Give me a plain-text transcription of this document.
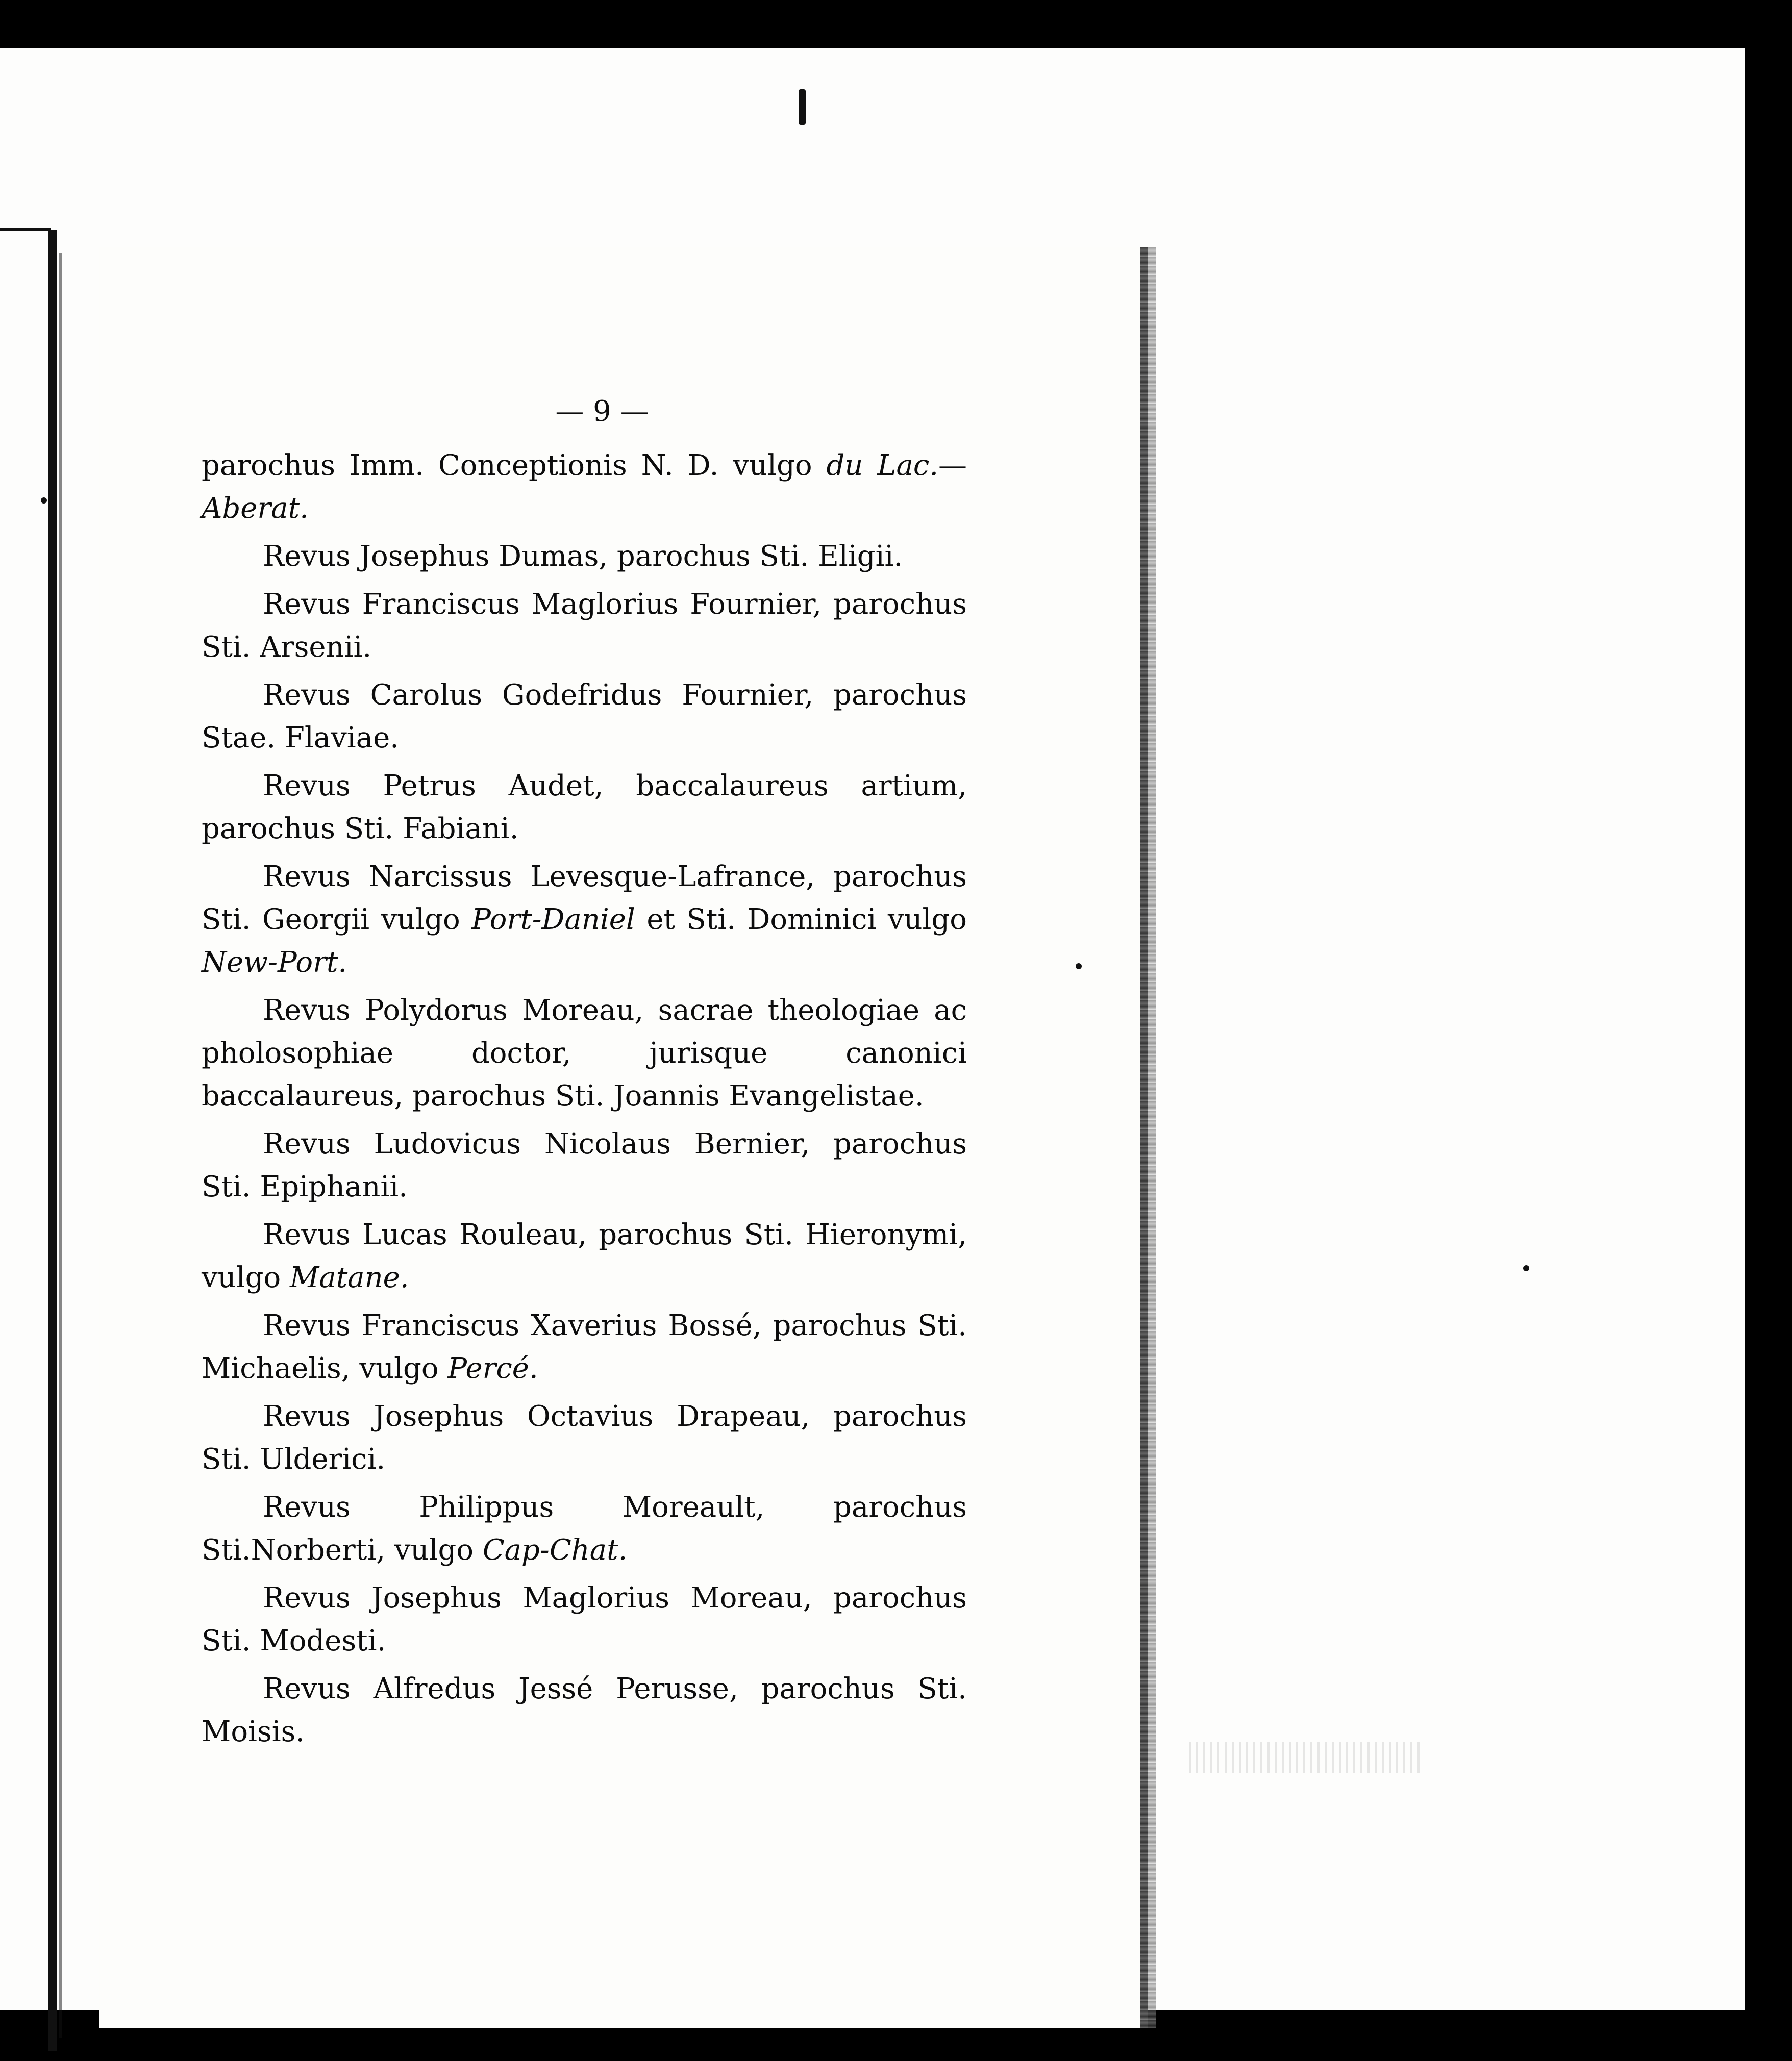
— 9 —
parochus Imm. Conceptionis N. D. vulgo du Lac.— Aberat.
Revus Josephus Dumas, parochus Sti. Eligii.
Revus Franciscus Maglorius Fournier, parochus Sti. Arsenii.
Revus Carolus Godefridus Fournier, parochus Stae. Flaviae.
Revus Petrus Audet, baccalaureus artium, parochus Sti. Fabiani.
Revus Narcissus Levesque-Lafrance, parochus Sti. Georgii vulgo Port-Daniel et Sti. Dominici vulgo New-Port.
Revus Polydorus Moreau, sacrae theologiae ac pholosophiae doctor, jurisque canonici baccalaureus, parochus Sti. Joannis Evangelistae.
Revus Ludovicus Nicolaus Bernier, parochus Sti. Epiphanii.
Revus Lucas Rouleau, parochus Sti. Hieronymi, vulgo Matane.
Revus Franciscus Xaverius Bossé, parochus Sti. Michaelis, vulgo Percé.
Revus Josephus Octavius Drapeau, parochus Sti. Ulderici.
Revus Philippus Moreault, parochus Sti.Norberti, vulgo Cap-Chat.
Revus Josephus Maglorius Moreau, parochus Sti. Modesti.
Revus Alfredus Jessé Perusse, parochus Sti. Moisis.
